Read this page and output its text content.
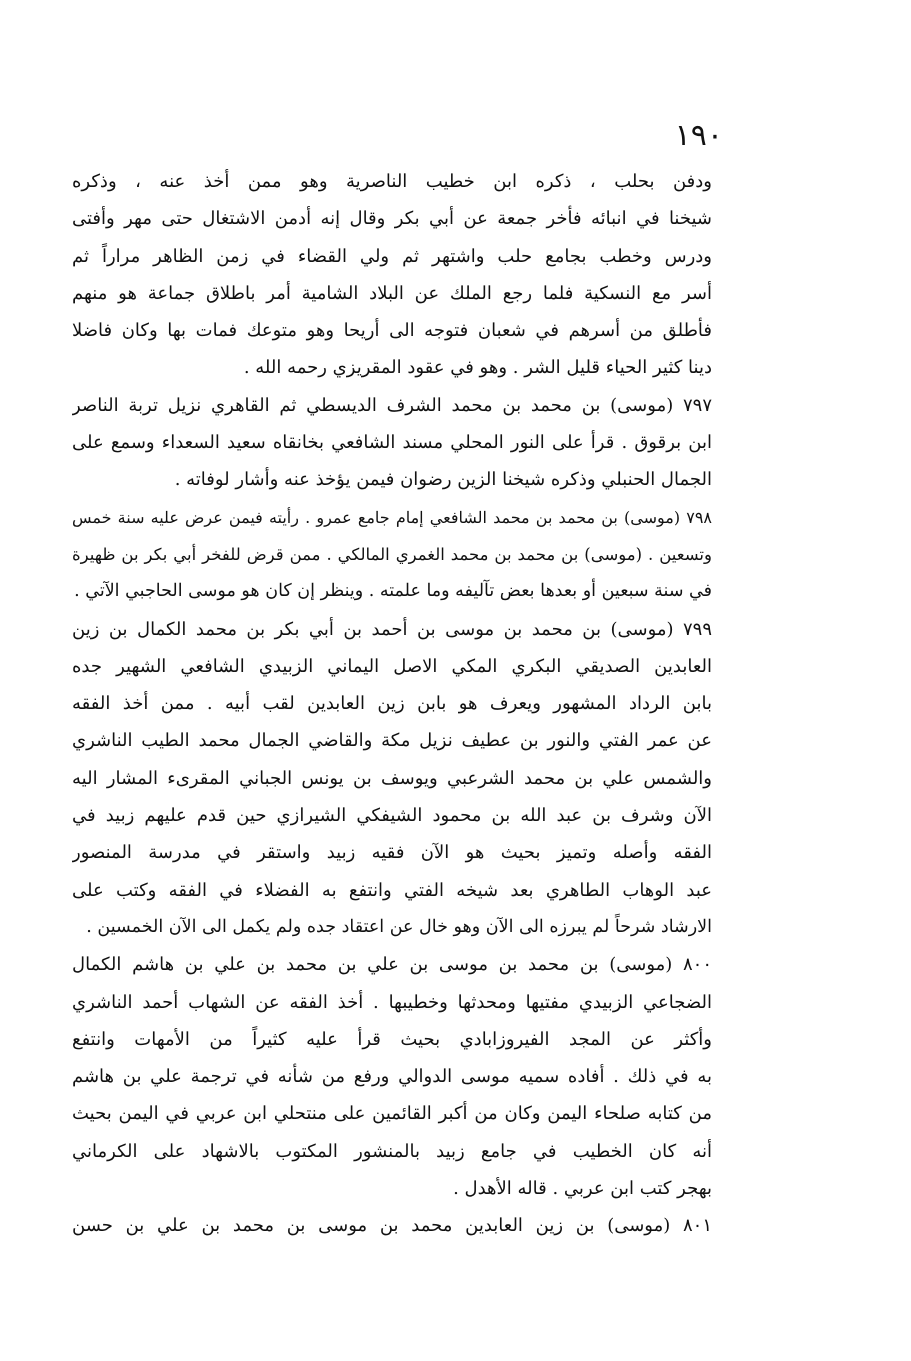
١٩٠
ودفن بحلب ، ذكره ابن خطيب الناصرية وهو ممن أخذ عنه ، وذكره
شيخنا في انبائه فأخر جمعة عن أبي بكر وقال إنه أدمن الاشتغال حتى مهر وأفتى
ودرس وخطب بجامع حلب واشتهر ثم ولي القضاء في زمن الظاهر مراراً ثم
أسر مع النسكية فلما رجع الملك عن البلاد الشامية أمر باطلاق جماعة هو منهم
فأطلق من أسرهم في شعبان فتوجه الى أريحا وهو متوعك فمات بها وكان فاضلا
دينا كثير الحياء قليل الشر . وهو في عقود المقريزي رحمه الله .
٧٩٧ (موسى) بن محمد بن محمد الشرف الديسطي ثم القاهري نزيل تربة الناصر
ابن برقوق . قرأ على النور المحلي مسند الشافعي بخانقاه سعيد السعداء وسمع على
الجمال الحنبلي وذكره شيخنا الزين رضوان فيمن يؤخذ عنه وأشار لوفاته .
٧٩٨ (موسى) بن محمد بن محمد الشافعي إمام جامع عمرو . رأيته فيمن عرض عليه سنة خمس
وتسعين . (موسى) بن محمد بن محمد الغمري المالكي . ممن قرض للفخر أبي بكر بن ظهيرة
في سنة سبعين أو بعدها بعض تآليفه وما علمته . وينظر إن كان هو موسى الحاجبي الآتي .
٧٩٩ (موسى) بن محمد بن موسى بن أحمد بن أبي بكر بن محمد الكمال بن زين
العابدين الصديقي البكري المكي الاصل اليماني الزبيدي الشافعي الشهير جده
بابن الرداد المشهور ويعرف هو بابن زين العابدين لقب أبيه . ممن أخذ الفقه
عن عمر الفتي والنور بن عطيف نزيل مكة والقاضي الجمال محمد الطيب الناشري
والشمس علي بن محمد الشرعبي ويوسف بن يونس الجباني المقرىء المشار اليه
الآن وشرف بن عبد الله بن محمود الشيفكي الشيرازي حين قدم عليهم زبيد في
الفقه وأصله وتميز بحيث هو الآن فقيه زبيد واستقر في مدرسة المنصور
عبد الوهاب الطاهري بعد شيخه الفتي وانتفع به الفضلاء في الفقه وكتب على
الارشاد شرحاً لم يبرزه الى الآن وهو خال عن اعتقاد جده ولم يكمل الى الآن الخمسين .
٨٠٠ (موسى) بن محمد بن موسى بن علي بن محمد بن علي بن هاشم الكمال
الضجاعي الزبيدي مفتيها ومحدثها وخطيبها . أخذ الفقه عن الشهاب أحمد الناشري
وأكثر عن المجد الفيروزابادي بحيث قرأ عليه كثيراً من الأمهات وانتفع
به في ذلك . أفاده سميه موسى الدوالي ورفع من شأنه في ترجمة علي بن هاشم
من كتابه صلحاء اليمن وكان من أكبر القائمين على منتحلي ابن عربي في اليمن بحيث
أنه كان الخطيب في جامع زبيد بالمنشور المكتوب بالاشهاد على الكرماني
بهجر كتب ابن عربي . قاله الأهدل .
٨٠١ (موسى) بن زين العابدين محمد بن موسى بن محمد بن علي بن حسن
